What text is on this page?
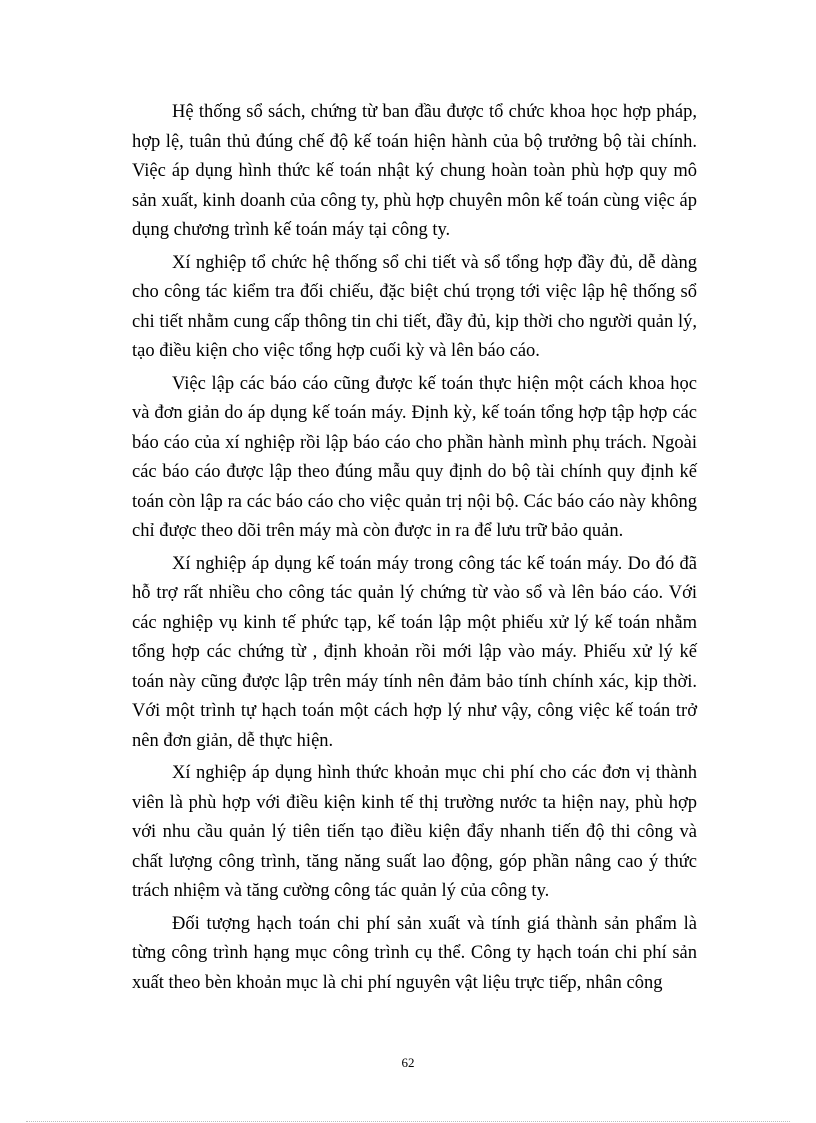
Hệ thống sổ sách, chứng từ ban đầu được tổ chức khoa học hợp pháp, hợp lệ, tuân thủ đúng chế độ kế toán hiện hành của bộ trưởng bộ tài chính. Việc áp dụng hình thức kế toán nhật ký chung hoàn toàn phù hợp quy mô sản xuất, kinh doanh của công ty, phù hợp chuyên môn kế toán cùng việc áp dụng chương trình kế toán máy tại công ty.

Xí nghiệp tổ chức hệ thống sổ chi tiết và sổ tổng hợp đầy đủ, dễ dàng cho công tác kiểm tra đối chiếu, đặc biệt chú trọng tới việc lập hệ thống sổ chi tiết nhằm cung cấp thông tin chi tiết, đầy đủ, kịp thời cho người quản lý, tạo điều kiện cho việc tổng hợp cuối kỳ và lên báo cáo.

Việc lập các báo cáo cũng được kế toán thực hiện một cách khoa học và đơn giản do áp dụng kế toán máy. Định kỳ, kế toán tổng hợp tập hợp các báo cáo của xí nghiệp rồi lập báo cáo cho phần hành mình phụ trách. Ngoài các báo cáo được lập theo đúng mẫu quy định do bộ tài chính quy định kế toán còn lập ra các báo cáo cho việc quản trị nội bộ. Các báo cáo này không chỉ được theo dõi trên máy mà còn được in ra để lưu trữ bảo quản.

Xí nghiệp áp dụng kế toán máy trong công tác kế toán máy. Do đó đã hỗ trợ rất nhiều cho công tác quản lý chứng từ vào sổ và lên báo cáo. Với các nghiệp vụ kinh tế phức tạp, kế toán lập một phiếu xử lý kế toán nhằm tổng hợp các chứng từ , định khoản rồi mới lập vào máy. Phiếu xử lý kế toán này cũng được lập trên máy tính nên đảm bảo tính chính xác, kịp thời. Với một trình tự hạch toán một cách hợp lý như vậy, công việc kế toán trở nên đơn giản, dễ thực hiện.

Xí nghiệp áp dụng hình thức khoản mục chi phí cho các đơn vị thành viên là phù hợp với điều kiện kinh tế thị trường nước ta hiện nay, phù hợp với nhu cầu quản lý tiên tiến tạo điều kiện đẩy nhanh tiến độ thi công và chất lượng công trình, tăng năng suất lao động, góp phần nâng cao ý thức trách nhiệm và tăng cường công tác quản lý của công ty.

Đối tượng hạch toán chi phí sản xuất và tính giá thành sản phẩm là từng công trình hạng mục công trình cụ thể. Công ty hạch toán chi phí sản xuất theo bèn khoản mục là chi phí nguyên vật liệu trực tiếp, nhân công

62
